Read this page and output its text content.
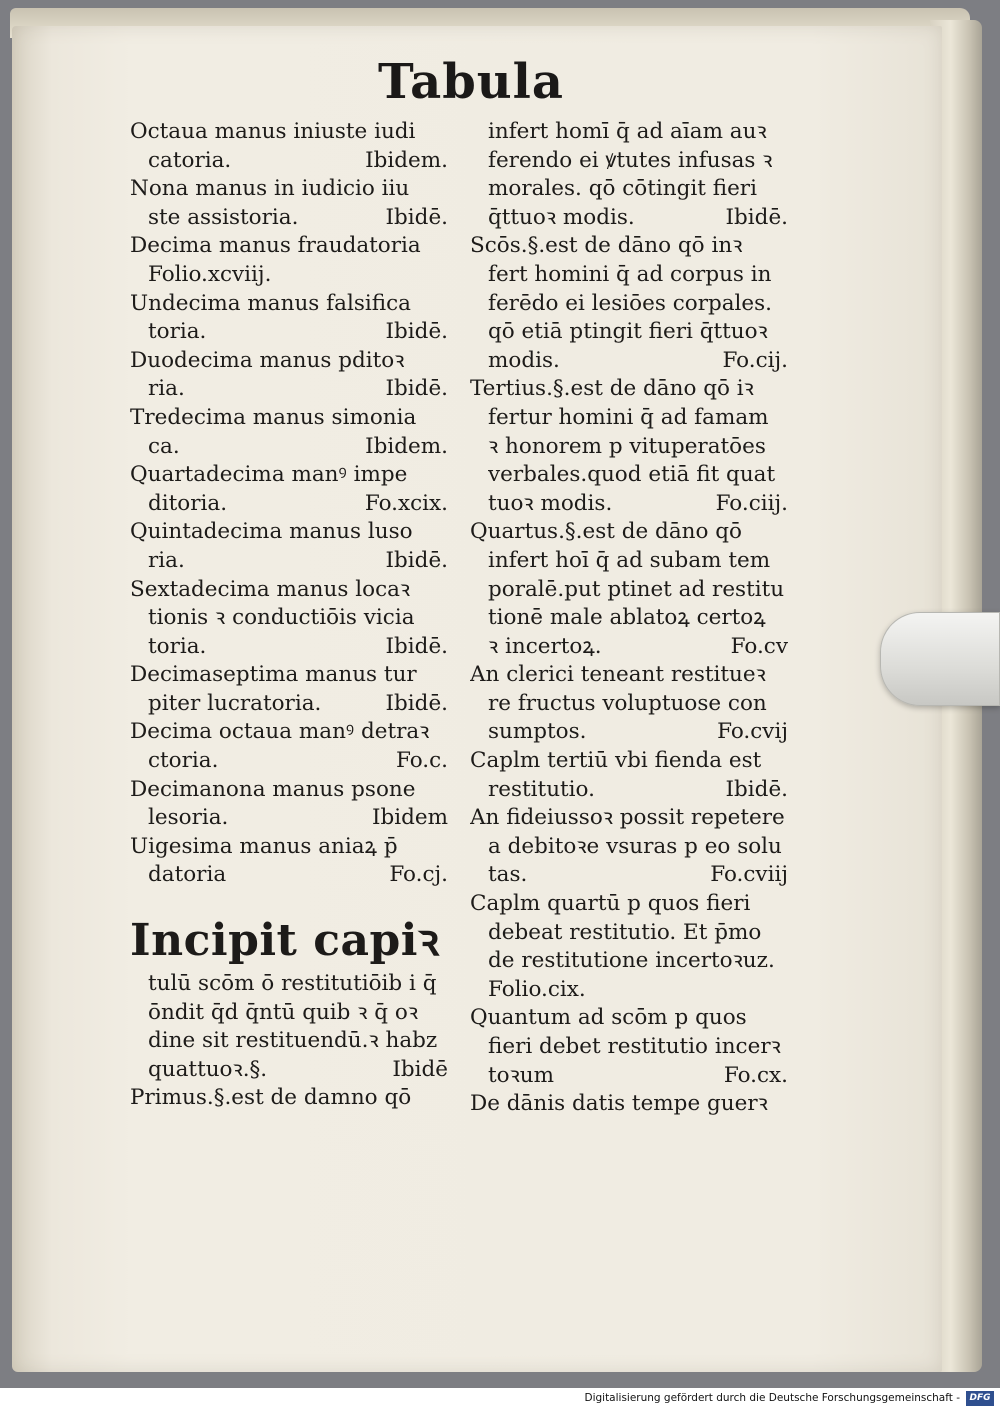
Tabula
Octaua manus iniuste iudi
catoria.	Ibidem.
Nona manus in iudicio iiu
ste assistoria.	Ibidē.
Decima manus fraudatoria
Folio.xcviij.
Undecima manus falsifica
toria.	Ibidē.
Duodecima manus pditoꝛ
ria.	Ibidē.
Tredecima manus simonia
ca.	Ibidem.
Quartadecima manꝰ impe
ditoria.	Fo.xcix.
Quintadecima manus luso
ria.	Ibidē.
Sextadecima manus locaꝛ
tionis ꝛ conductiōis vicia
toria.	Ibidē.
Decimaseptima manus tur
piter lucratoria.	Ibidē.
Decima octaua manꝰ detraꝛ
ctoria.	Fo.c.
Decimanona manus psone
lesoria.	Ibidem
Uigesima manus aniaꝝ p̄
datoria	Fo.cj.
Incipit capiꝛ
tulū scōm ō restitutiōib i q̄
ōndit q̄d q̄ntū quib ꝛ q̄ oꝛ
dine sit restituendū.ꝛ habz
quattuoꝛ.§.	Ibidē
Primus.§.est de damno qō
infert homī q̄ ad aīam auꝛ
ferendo ei ꝟtutes infusas ꝛ
morales. qō cōtingit fieri
q̄ttuoꝛ modis.	Ibidē.
Scōs.§.est de dāno qō inꝛ
fert homini q̄ ad corpus in
ferēdo ei lesiōes corpales.
qō etiā ptingit fieri q̄ttuoꝛ
modis.	Fo.cij.
Tertius.§.est de dāno qō iꝛ
fertur homini q̄ ad famam
ꝛ honorem p vituperatōes
verbales.quod etiā fit quat
tuoꝛ modis.	Fo.ciij.
Quartus.§.est de dāno qō
infert hoī q̄ ad subam tem
poralē.put ptinet ad restitu
tionē male ablatoꝝ certoꝝ
ꝛ incertoꝝ.	Fo.cv
An clerici teneant restitueꝛ
re fructus voluptuose con
sumptos.	Fo.cvij
Caplm tertiū vbi fienda est
restitutio.	Ibidē.
An fideiussoꝛ possit repetere
a debitoꝛe vsuras p eo solu
tas.	Fo.cviij
Caplm quartū p quos fieri
debeat restitutio. Et p̄mo
de restitutione incertoꝛuz.
Folio.cix.
Quantum ad scōm p quos
fieri debet restitutio incerꝛ
toꝛum	Fo.cx.
De dānis datis tempe guerꝛ
Digitalisierung gefördert durch die Deutsche Forschungsgemeinschaft -	DFG
